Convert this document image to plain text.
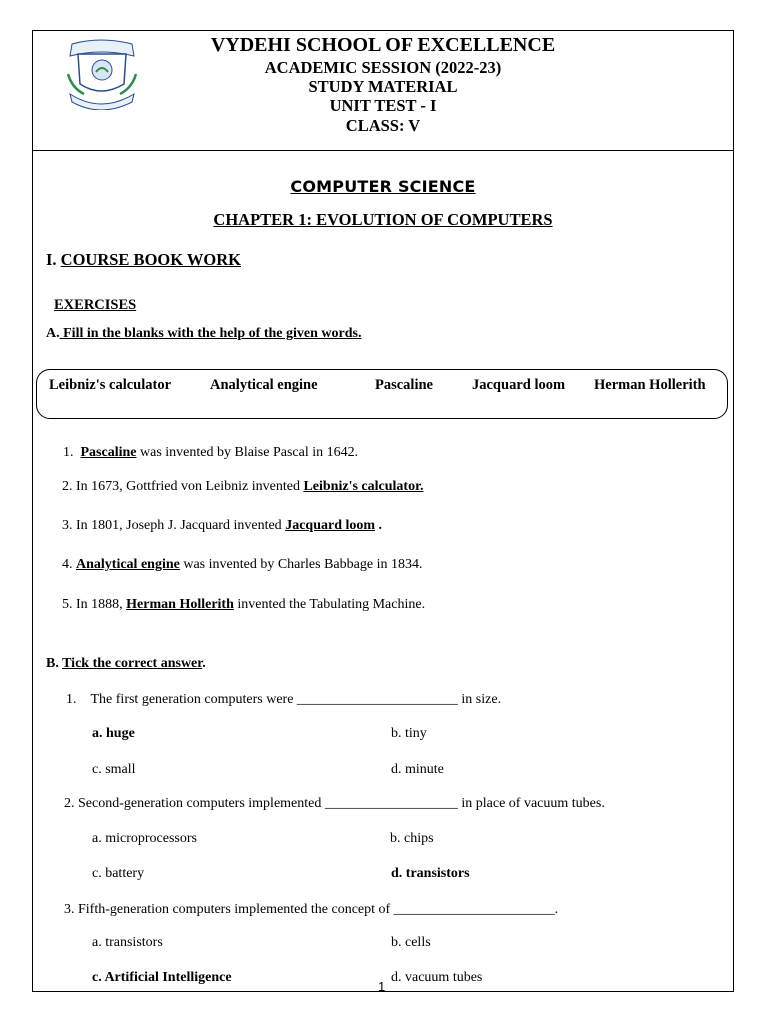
VYDEHI SCHOOL OF EXCELLENCE
ACADEMIC SESSION (2022-23)
STUDY MATERIAL
UNIT TEST - I
CLASS: V
COMPUTER SCIENCE
CHAPTER 1: EVOLUTION OF COMPUTERS
I. COURSE BOOK WORK
EXERCISES
A. Fill in the blanks with the help of the given words.
Leibniz's calculator	Analytical engine	Pascaline	Jacquard loom Herman Hollerith
1. Pascaline was invented by Blaise Pascal in 1642.
2. In 1673, Gottfried von Leibniz invented Leibniz's calculator.
3. In 1801, Joseph J. Jacquard invented Jacquard loom .
4. Analytical engine was invented by Charles Babbage in 1834.
5. In 1888, Herman Hollerith invented the Tabulating Machine.
B. Tick the correct answer.
1. The first generation computers were _______________________ in size.
a. huge	b. tiny
c. small	d. minute
2. Second-generation computers implemented ___________________ in place of vacuum tubes.
a. microprocessors	b. chips
c. battery	d. transistors
3. Fifth-generation computers implemented the concept of _______________________.
a. transistors	b. cells
c. Artificial Intelligence	d. vacuum tubes
1
